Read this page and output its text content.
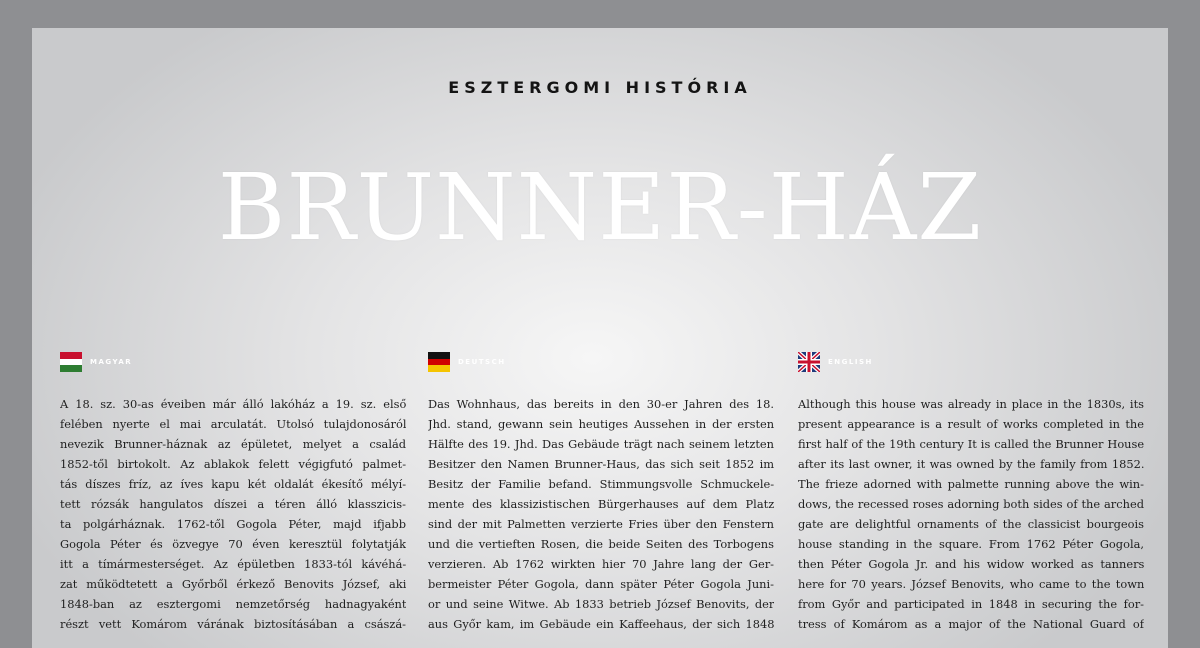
ESZTERGOMI HISTÓRIA
BRUNNER-HÁZ
MAGYAR
A 18. sz. 30-as éveiben már álló lakóház a 19. sz. első
felében nyerte el mai arculatát. Utolsó tulajdonosáról
nevezik Brunner-háznak az épületet, melyet a család
1852-től birtokolt. Az ablakok felett végigfutó palmet-
tás díszes fríz, az íves kapu két oldalát ékesítő mélyí-
tett rózsák hangulatos díszei a téren álló klasszicis-
ta polgárháznak. 1762-től Gogola Péter, majd ifjabb
Gogola Péter és özvegye 70 éven keresztül folytatják
itt a tímármesterséget. Az épületben 1833-tól kávéhá-
zat működtetett a Győrből érkező Benovits József, aki
1848-ban az esztergomi nemzetőrség hadnagyaként
részt vett Komárom várának biztosításában a császá-
DEUTSCH
Das Wohnhaus, das bereits in den 30-er Jahren des 18.
Jhd. stand, gewann sein heutiges Aussehen in der ersten
Hälfte des 19. Jhd. Das Gebäude trägt nach seinem letzten
Besitzer den Namen Brunner-Haus, das sich seit 1852 im
Besitz der Familie befand. Stimmungsvolle Schmuckele-
mente des klassizistischen Bürgerhauses auf dem Platz
sind der mit Palmetten verzierte Fries über den Fenstern
und die vertieften Rosen, die beide Seiten des Torbogens
verzieren. Ab 1762 wirkten hier 70 Jahre lang der Ger-
bermeister Péter Gogola, dann später Péter Gogola Juni-
or und seine Witwe. Ab 1833 betrieb József Benovits, der
aus Győr kam, im Gebäude ein Kaffeehaus, der sich 1848
ENGLISH
Although this house was already in place in the 1830s, its
present appearance is a result of works completed in the
first half of the 19th century It is called the Brunner House
after its last owner, it was owned by the family from 1852.
The frieze adorned with palmette running above the win-
dows, the recessed roses adorning both sides of the arched
gate are delightful ornaments of the classicist bourgeois
house standing in the square. From 1762 Péter Gogola,
then Péter Gogola Jr. and his widow worked as tanners
here for 70 years. József Benovits, who came to the town
from Győr and participated in 1848 in securing the for-
tress of Komárom as a major of the National Guard of
